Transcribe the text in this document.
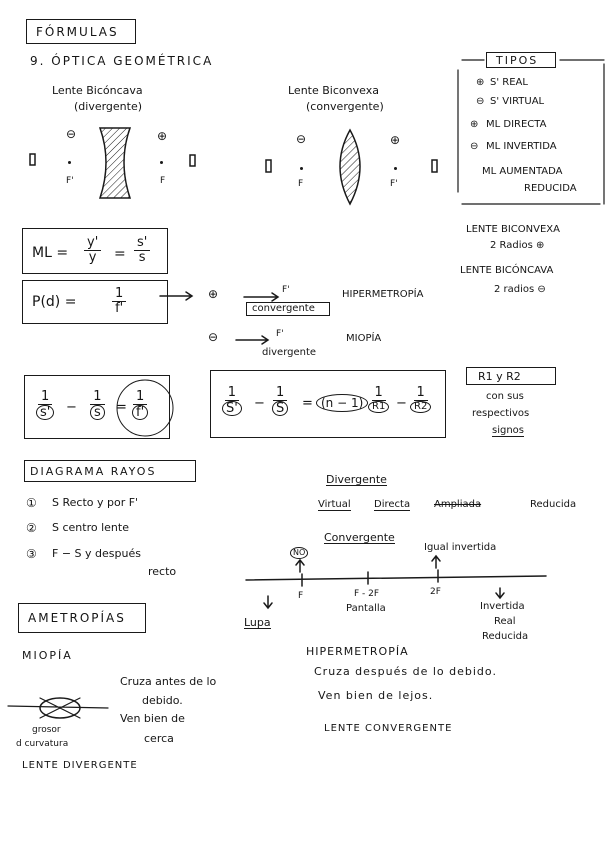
FÓRMULAS
9. ÓPTICA GEOMÉTRICA
Lente Bicóncava
(divergente)
⊖	⊕
F'	F
Lente Biconvexa
(convergente)
⊖	⊕
F	F'
TIPOS
⊕ S' REAL
⊖ S' VIRTUAL
⊕ ML DIRECTA
⊖ ML INVERTIDA
ML AUMENTADA
REDUCIDA
LENTE BICONVEXA
2 Radios ⊕
LENTE BICÓNCAVA
2 radios ⊖
ML = $\frac{y'}{y} = \frac{s'}{s}$
P(d) =	$\frac{1}{f'}$	⊕	F'
convergente
HIPERMETROPÍA
⊖	F'
divergente
MIOPÍA
$\frac{1}{s'} - \frac{1}{s} = \frac{1}{f'}$	$\frac{1}{S'} - \frac{1}{S} = (n - 1)$
1
R1 −
1
R2
R1 y R2
con sus
respectivos
signos
DIAGRAMA RAYOS
① S Recto y por F'
② S centro lente
③ F − S y después
recto
Divergente
Virtual Directa Ampliada	Reducida
Convergente
Igual invertida
NO
F	F - 2F	2F
Lupa
Pantalla	Invertida
Real
Reducida
AMETROPÍAS
MIOPÍA
Cruza antes de lo
debido.
Ven bien de
cerca
grosor
d curvatura
LENTE DIVERGENTE
HIPERMETROPÍA
Cruza después de lo debido.
Ven bien de lejos.
LENTE CONVERGENTE
